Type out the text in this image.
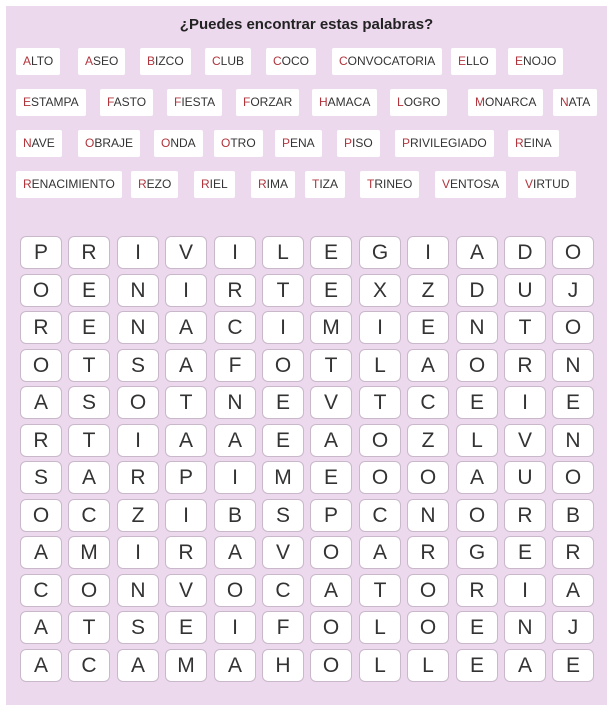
¿Puedes encontrar estas palabras?
ALTO	ASEO	BIZCO	CLUB	COCO	CONVOCATORIA	ELLO	ENOJO
ESTAMPA	FASTO	FIESTA	FORZAR	HAMACA	LOGRO	MONARCA	NATA
NAVE	OBRAJE	ONDA	OTRO	PENA	PISO	PRIVILEGIADO	REINA
RENACIMIENTO	REZO	RIEL	RIMA	TIZA	TRINEO	VENTOSA	VIRTUD
P	R	I	V	I	L	E	G	I	A	D	O
O	E	N	I	R	T	E	X	Z	D	U	J
R	E	N	A	C	I	M	I	E	N	T	O
O	T	S	A	F	O	T	L	A	O	R	N
A	S	O	T	N	E	V	T	C	E	I	E
R	T	I	A	A	E	A	O	Z	L	V	N
S	A	R	P	I	M	E	O	O	A	U	O
O	C	Z	I	B	S	P	C	N	O	R	B
A	M	I	R	A	V	O	A	R	G	E	R
C	O	N	V	O	C	A	T	O	R	I	A
A	T	S	E	I	F	O	L	O	E	N	J
A	C	A	M	A	H	O	L	L	E	A	E
